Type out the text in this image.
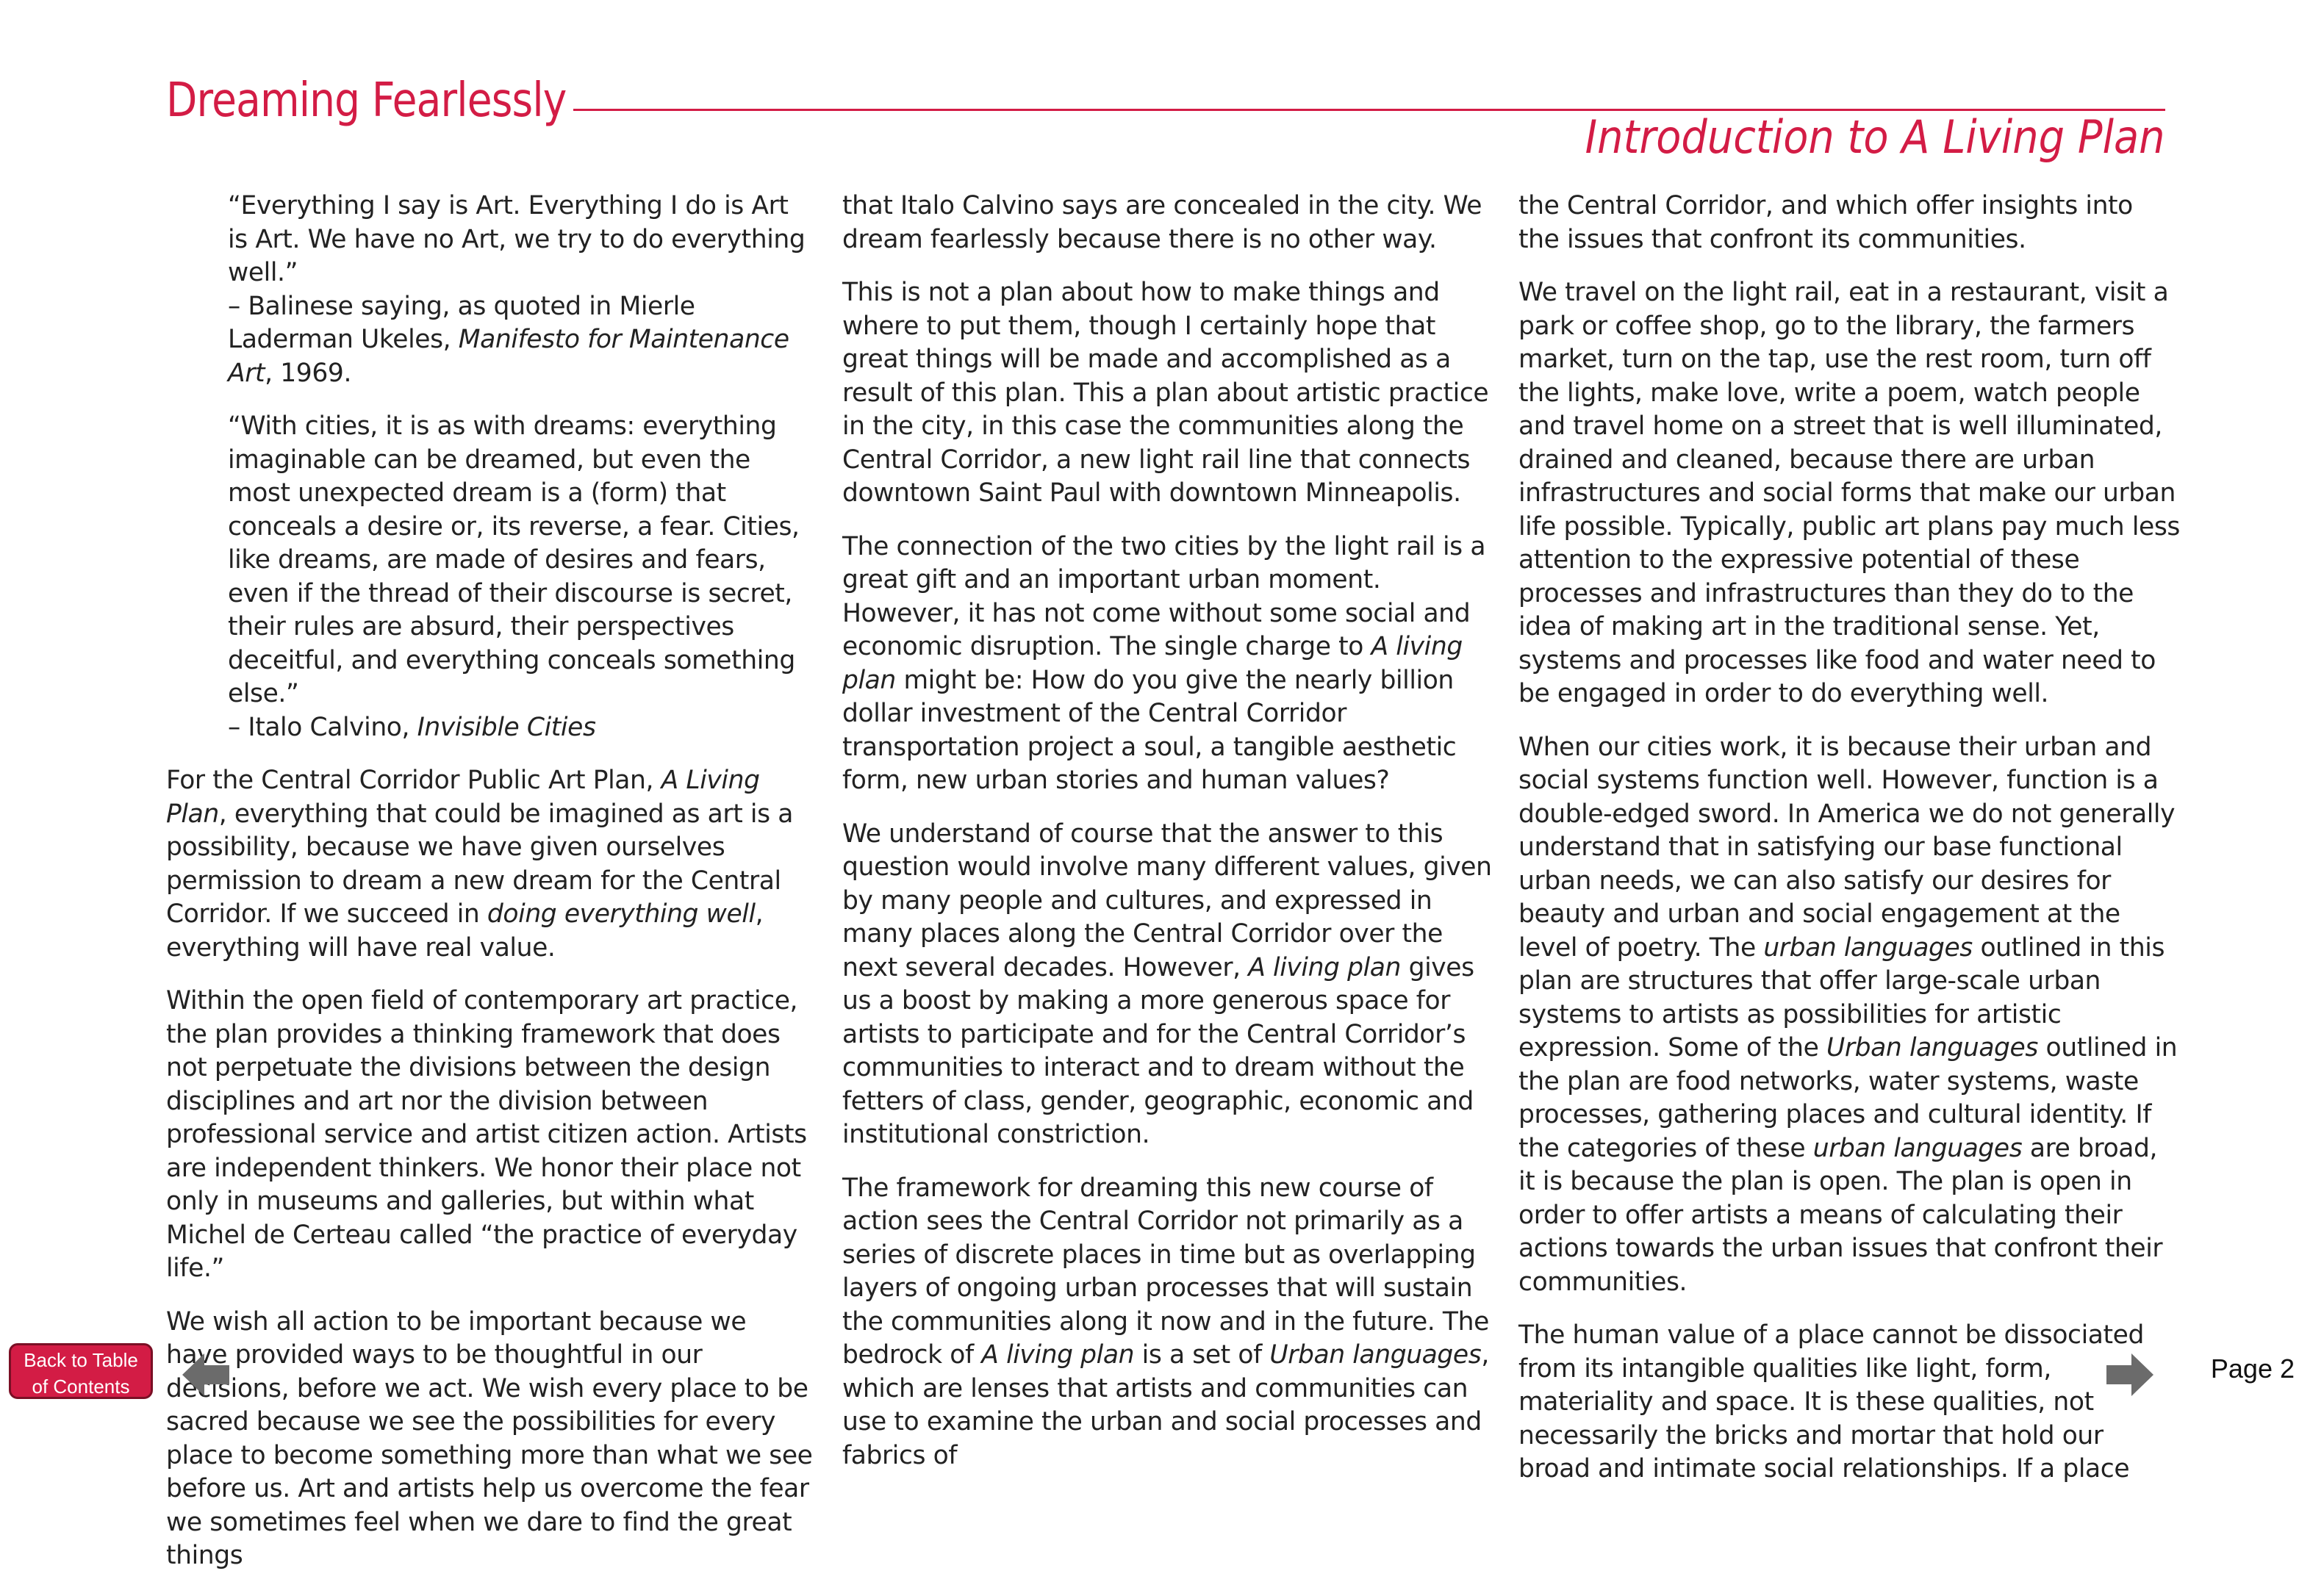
Dreaming Fearlessly
Introduction to A Living Plan

“Everything I say is Art. Everything I do is Art is Art. We have no Art, we try to do everything well.”
– Balinese saying, as quoted in Mierle Laderman Ukeles, Manifesto for Maintenance Art, 1969.

“With cities, it is as with dreams: everything imaginable can be dreamed, but even the most unexpected dream is a (form) that conceals a desire or, its reverse, a fear. Cities, like dreams, are made of desires and fears, even if the thread of their discourse is secret, their rules are absurd, their perspectives deceitful, and everything conceals something else.”
– Italo Calvino, Invisible Cities

For the Central Corridor Public Art Plan, A Living Plan, everything that could be imagined as art is a possibility, because we have given ourselves permission to dream a new dream for the Central Corridor. If we succeed in doing everything well, everything will have real value.

Within the open field of contemporary art practice, the plan provides a thinking framework that does not perpetuate the divisions between the design disciplines and art nor the division between professional service and artist citizen action. Artists are independent thinkers. We honor their place not only in museums and galleries, but within what Michel de Certeau called “the practice of everyday life.”

We wish all action to be important because we have provided ways to be thoughtful in our decisions, before we act. We wish every place to be sacred because we see the possibilities for every place to become something more than what we see before us. Art and artists help us overcome the fear we sometimes feel when we dare to find the great things

that Italo Calvino says are concealed in the city. We dream fearlessly because there is no other way.

This is not a plan about how to make things and where to put them, though I certainly hope that great things will be made and accomplished as a result of this plan. This a plan about artistic practice in the city, in this case the communities along the Central Corridor, a new light rail line that connects downtown Saint Paul with downtown Minneapolis.

The connection of the two cities by the light rail is a great gift and an important urban moment. However, it has not come without some social and economic disruption. The single charge to A living plan might be: How do you give the nearly billion dollar investment of the Central Corridor transportation project a soul, a tangible aesthetic form, new urban stories and human values?

We understand of course that the answer to this question would involve many different values, given by many people and cultures, and expressed in many places along the Central Corridor over the next several decades. However, A living plan gives us a boost by making a more generous space for artists to participate and for the Central Corridor’s communities to interact and to dream without the fetters of class, gender, geographic, economic and institutional constriction.

The framework for dreaming this new course of action sees the Central Corridor not primarily as a series of discrete places in time but as overlapping layers of ongoing urban processes that will sustain the communities along it now and in the future. The bedrock of A living plan is a set of Urban languages, which are lenses that artists and communities can use to examine the urban and social processes and fabrics of

the Central Corridor, and which offer insights into the issues that confront its communities.

We travel on the light rail, eat in a restaurant, visit a park or coffee shop, go to the library, the farmers market, turn on the tap, use the rest room, turn off the lights, make love, write a poem, watch people and travel home on a street that is well illuminated, drained and cleaned, because there are urban infrastructures and social forms that make our urban life possible. Typically, public art plans pay much less attention to the expressive potential of these processes and infrastructures than they do to the idea of making art in the traditional sense. Yet, systems and processes like food and water need to be engaged in order to do everything well.

When our cities work, it is because their urban and social systems function well. However, function is a double-edged sword. In America we do not generally understand that in satisfying our base functional urban needs, we can also satisfy our desires for beauty and urban and social engagement at the level of poetry. The urban languages outlined in this plan are structures that offer large-scale urban systems to artists as possibilities for artistic expression. Some of the Urban languages outlined in the plan are food networks, water systems, waste processes, gathering places and cultural identity. If the categories of these urban languages are broad, it is because the plan is open. The plan is open in order to offer artists a means of calculating their actions towards the urban issues that confront their communities.

The human value of a place cannot be dissociated from its intangible qualities like light, form, materiality and space. It is these qualities, not necessarily the bricks and mortar that hold our broad and intimate social relationships. If a place

Back to Table
of Contents
Page 2
